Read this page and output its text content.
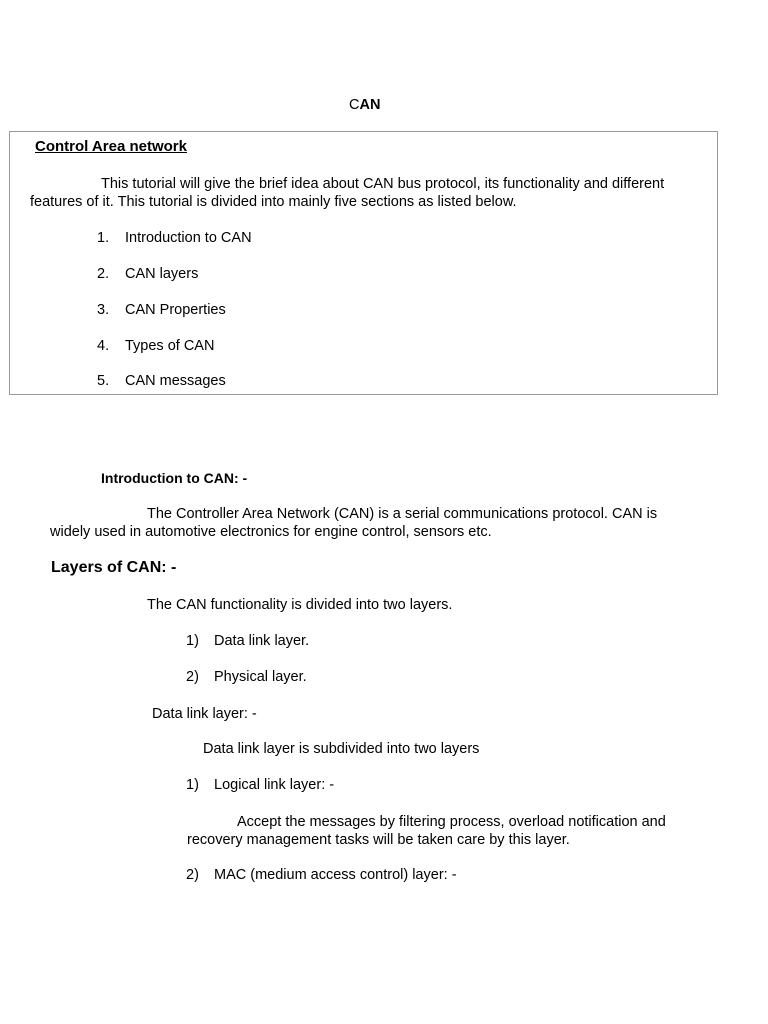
CAN
Control Area network
This tutorial will give the brief idea about CAN bus protocol, its functionality and different features of it. This tutorial is divided into mainly five sections as listed below.
1. Introduction to CAN
2. CAN layers
3. CAN Properties
4. Types of CAN
5. CAN messages
Introduction to CAN: -
The Controller Area Network (CAN) is a serial communications protocol. CAN is widely used in automotive electronics for engine control, sensors etc.
Layers of CAN: -
The CAN functionality is divided into two layers.
1) Data link layer.
2) Physical layer.
Data link layer: -
Data link layer is subdivided into two layers
1) Logical link layer: -
Accept the messages by filtering process, overload notification and recovery management tasks will be taken care by this layer.
2) MAC (medium access control) layer: -
